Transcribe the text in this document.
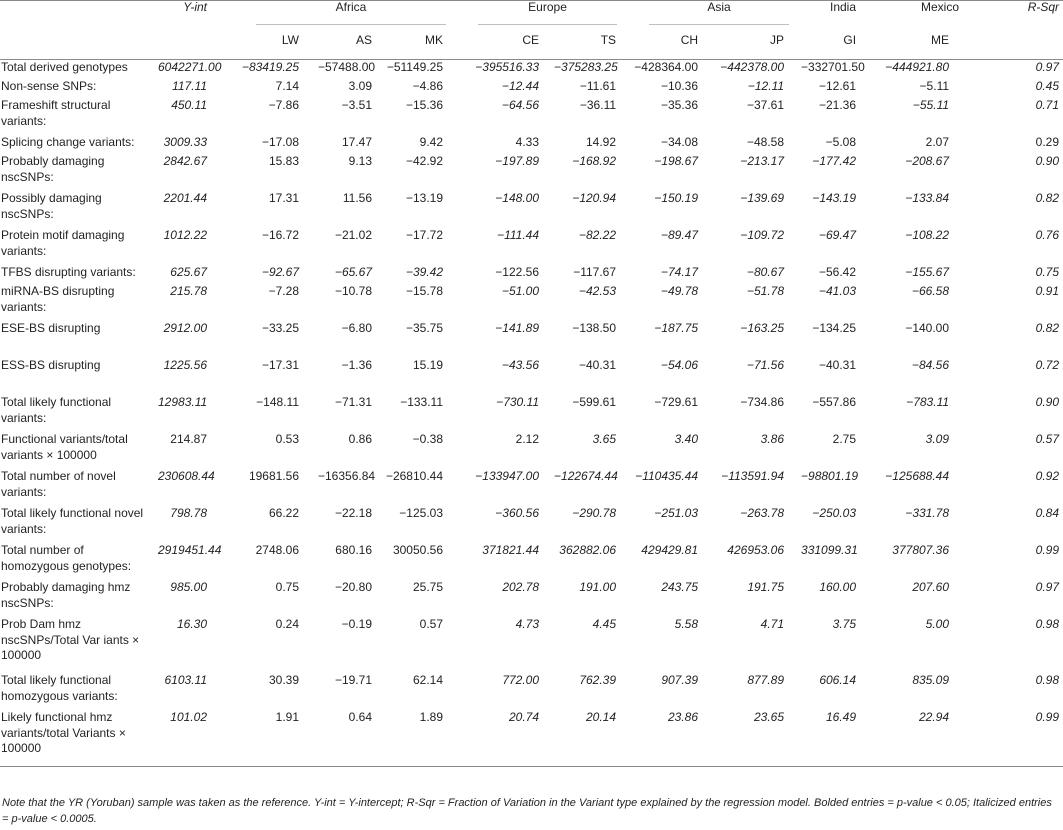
	Y-int	Africa			Europe		Asia		India	Mexico	R-Sqr
		LW	AS	MK	CE	TS	CH	JP	GI	ME	
Total derived genotypes	6042271.00	−83419.25	−57488.00	−51149.25	−395516.33	−375283.25	−428364.00	−442378.00	−332701.50	−444921.80	0.97
Non-sense SNPs:	117.11	7.14	3.09	−4.86	−12.44	−11.61	−10.36	−12.11	−12.61	−5.11	0.45
Frameshift structural variants:	450.11	−7.86	−3.51	−15.36	−64.56	−36.11	−35.36	−37.61	−21.36	−55.11	0.71
Splicing change variants:	3009.33	−17.08	17.47	9.42	4.33	14.92	−34.08	−48.58	−5.08	2.07	0.29
Probably damaging nscSNPs:	2842.67	15.83	9.13	−42.92	−197.89	−168.92	−198.67	−213.17	−177.42	−208.67	0.90
Possibly damaging nscSNPs:	2201.44	17.31	11.56	−13.19	−148.00	−120.94	−150.19	−139.69	−143.19	−133.84	0.82
Protein motif damaging variants:	1012.22	−16.72	−21.02	−17.72	−111.44	−82.22	−89.47	−109.72	−69.47	−108.22	0.76
TFBS disrupting variants:	625.67	−92.67	−65.67	−39.42	−122.56	−117.67	−74.17	−80.67	−56.42	−155.67	0.75
miRNA-BS disrupting variants:	215.78	−7.28	−10.78	−15.78	−51.00	−42.53	−49.78	−51.78	−41.03	−66.58	0.91
ESE-BS disrupting	2912.00	−33.25	−6.80	−35.75	−141.89	−138.50	−187.75	−163.25	−134.25	−140.00	0.82
ESS-BS disrupting	1225.56	−17.31	−1.36	15.19	−43.56	−40.31	−54.06	−71.56	−40.31	−84.56	0.72
Total likely functional variants:	12983.11	−148.11	−71.31	−133.11	−730.11	−599.61	−729.61	−734.86	−557.86	−783.11	0.90
Functional variants/total variants × 100000	214.87	0.53	0.86	−0.38	2.12	3.65	3.40	3.86	2.75	3.09	0.57
Total number of novel variants:	230608.44	19681.56	−16356.84	−26810.44	−133947.00	−122674.44	−110435.44	−113591.94	−98801.19	−125688.44	0.92
Total likely functional novel variants:	798.78	66.22	−22.18	−125.03	−360.56	−290.78	−251.03	−263.78	−250.03	−331.78	0.84
Total number of homozygous genotypes:	2919451.44	2748.06	680.16	30050.56	371821.44	362882.06	429429.81	426953.06	331099.31	377807.36	0.99
Probably damaging hmz nscSNPs:	985.00	0.75	−20.80	25.75	202.78	191.00	243.75	191.75	160.00	207.60	0.97
Prob Dam hmz nscSNPs/Total Var iants × 100000	16.30	0.24	−0.19	0.57	4.73	4.45	5.58	4.71	3.75	5.00	0.98
Total likely functional homozygous variants:	6103.11	30.39	−19.71	62.14	772.00	762.39	907.39	877.89	606.14	835.09	0.98
Likely functional hmz variants/total Variants × 100000	101.02	1.91	0.64	1.89	20.74	20.14	23.86	23.65	16.49	22.94	0.99
Note that the YR (Yoruban) sample was taken as the reference. Y-int = Y-intercept; R-Sqr = Fraction of Variation in the Variant type explained by the regression model. Bolded entries = p-value < 0.05; Italicized entries = p-value < 0.0005.
